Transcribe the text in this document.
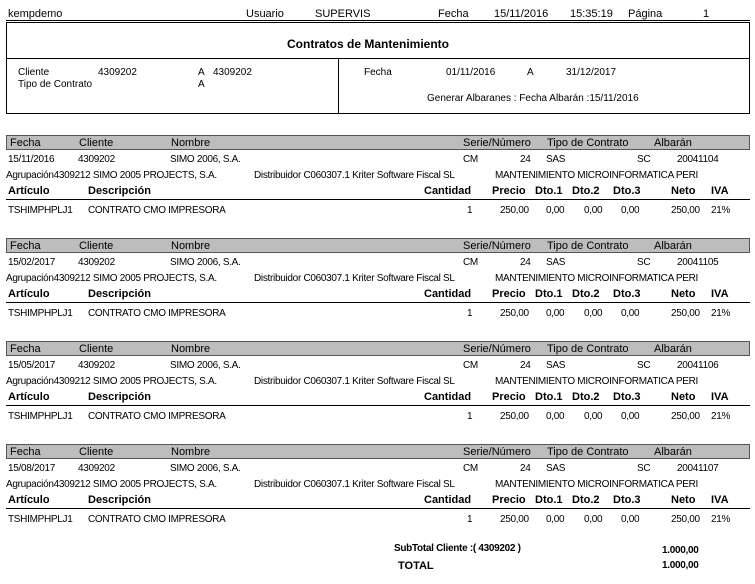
kempdemo	Usuario	SUPERVIS	Fecha 15/11/2016 15:35:19 Página	1
Contratos de Mantenimiento
Cliente	4309202	A 4309202
Tipo de Contrato	A
Fecha	01/11/2016	A	31/12/2017
Generar Albaranes : Fecha Albarán :15/11/2016
Fecha	Cliente	Nombre	Serie/Número Tipo de Contrato Albarán
15/11/2016 4309202	SIMO 2006, S.A.	CM	24 SAS	SC	20041104
Agrupación4309212 SIMO 2005 PROJECTS, S.A.	Distribuidor C060307.1 Kriter Software Fiscal SL	MANTENIMIENTO MICROINFORMATICA PERI
Artículo	Descripción	Cantidad Precio Dto.1 Dto.2 Dto.3	Neto IVA
TSHIMPHPLJ1 CONTRATO CMO IMPRESORA	1	250,00 0,00 0,00 0,00	250,00 21%
Fecha	Cliente	Nombre	Serie/Número Tipo de Contrato Albarán
15/02/2017 4309202	SIMO 2006, S.A.	CM	24 SAS	SC	20041105
Agrupación4309212 SIMO 2005 PROJECTS, S.A.	Distribuidor C060307.1 Kriter Software Fiscal SL	MANTENIMIENTO MICROINFORMATICA PERI
Artículo	Descripción	Cantidad Precio Dto.1 Dto.2 Dto.3	Neto IVA
TSHIMPHPLJ1 CONTRATO CMO IMPRESORA	1	250,00 0,00 0,00 0,00	250,00 21%
Fecha	Cliente	Nombre	Serie/Número Tipo de Contrato Albarán
15/05/2017 4309202	SIMO 2006, S.A.	CM	24 SAS	SC	20041106
Agrupación4309212 SIMO 2005 PROJECTS, S.A.	Distribuidor C060307.1 Kriter Software Fiscal SL	MANTENIMIENTO MICROINFORMATICA PERI
Artículo	Descripción	Cantidad Precio Dto.1 Dto.2 Dto.3	Neto IVA
TSHIMPHPLJ1 CONTRATO CMO IMPRESORA	1	250,00 0,00 0,00 0,00	250,00 21%
Fecha	Cliente	Nombre	Serie/Número Tipo de Contrato Albarán
15/08/2017 4309202	SIMO 2006, S.A.	CM	24 SAS	SC	20041107
Agrupación4309212 SIMO 2005 PROJECTS, S.A.	Distribuidor C060307.1 Kriter Software Fiscal SL	MANTENIMIENTO MICROINFORMATICA PERI
Artículo	Descripción	Cantidad Precio Dto.1 Dto.2 Dto.3	Neto IVA
TSHIMPHPLJ1 CONTRATO CMO IMPRESORA	1	250,00 0,00 0,00 0,00	250,00 21%
SubTotal Cliente :( 4309202 )	1.000,00
TOTAL	1.000,00
